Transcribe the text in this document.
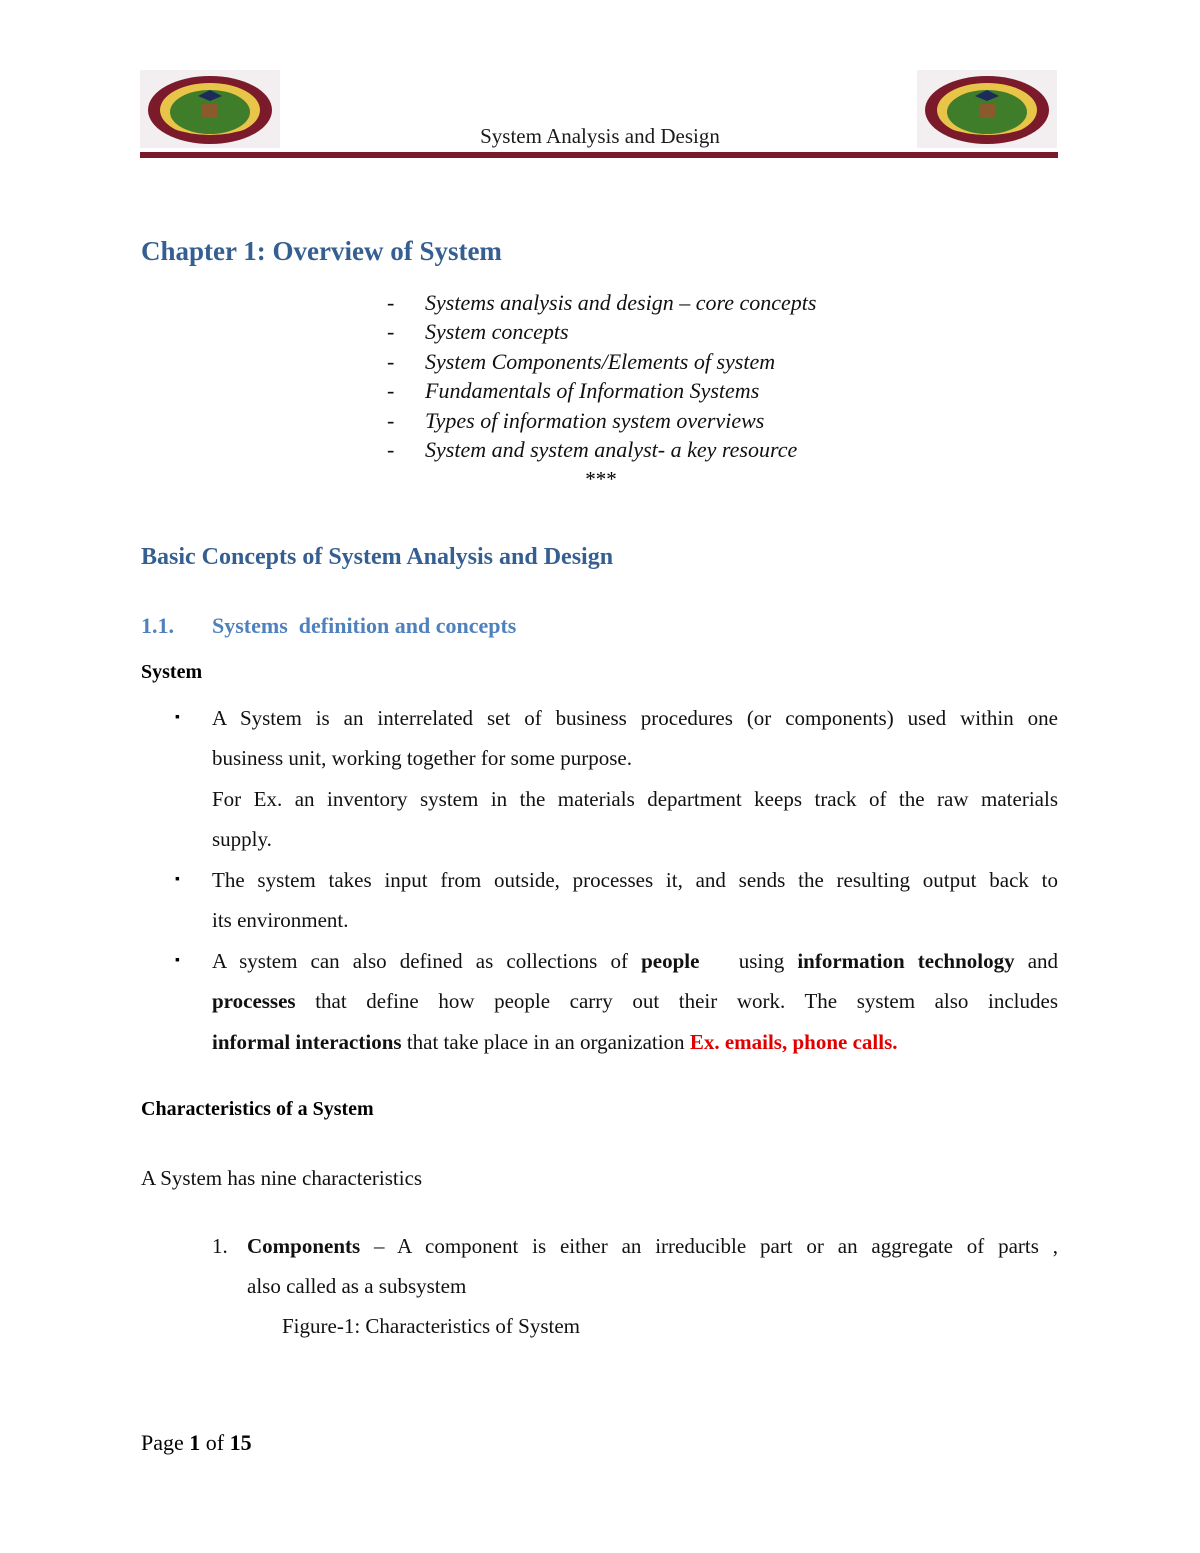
System Analysis and Design
Chapter 1: Overview of System
- Systems analysis and design – core concepts
- System concepts
- System Components/Elements of system
- Fundamentals of Information Systems
- Types of information system overviews
- System and system analyst- a key resource
***
Basic Concepts of System Analysis and Design
1.1. Systems  definition and concepts
System
▪ A System is an interrelated set of business procedures (or components) used within one

business unit, working together for some purpose.

For Ex. an inventory system in the materials department keeps track of the raw materials

supply.

▪ The system takes input from outside, processes it, and sends the resulting output back to

its environment.

▪ A system can also defined as collections of people using information technology and

processes that define how people carry out their work. The system also includes

informal interactions that take place in an organization Ex. emails, phone calls.

Characteristics of a System

A System has nine characteristics

1. Components – A component is either an irreducible part or an aggregate of parts ,

also called as a subsystem

Figure-1: Characteristics of System

Page 1 of 15
